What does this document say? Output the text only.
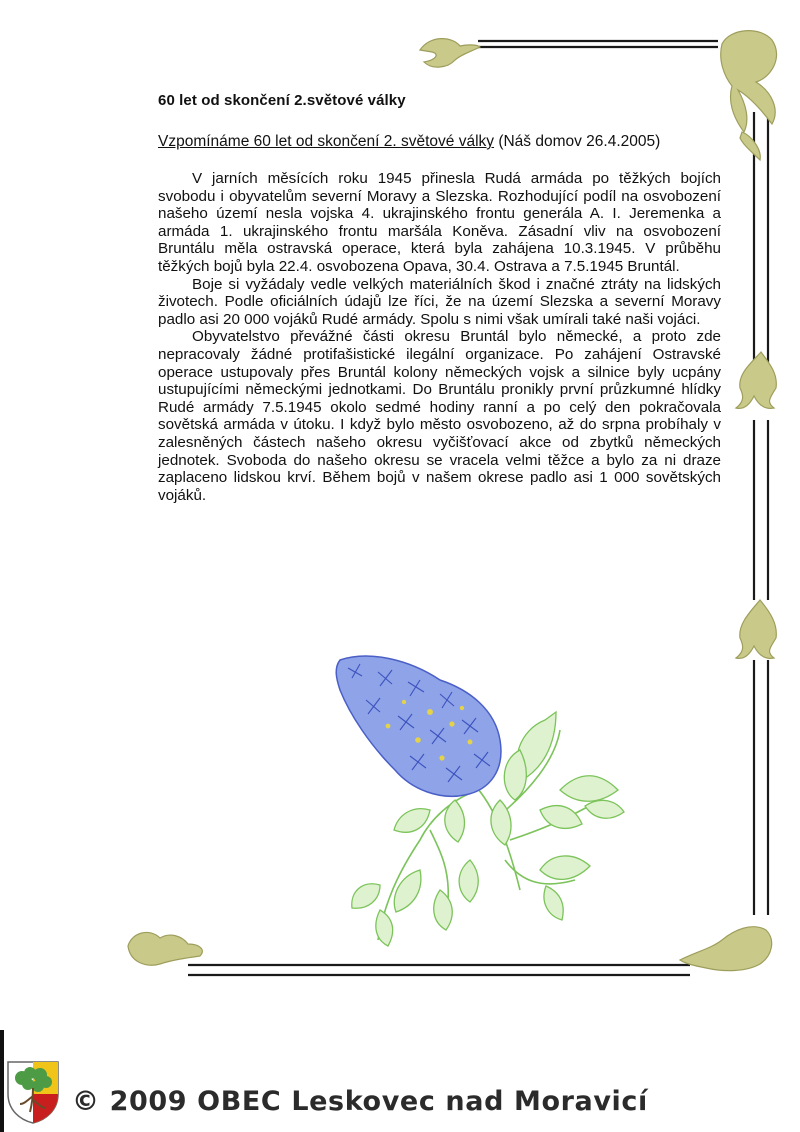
60 let od skončení 2.světové války
Vzpomínáme 60 let od skončení 2. světové války (Náš domov 26.4.2005)

V jarních měsících roku 1945 přinesla Rudá armáda po těžkých bojích svobodu i obyvatelům severní Moravy a Slezska. Rozhodující podíl na osvobození našeho území nesla vojska 4. ukrajinského frontu generála A. I. Jeremenka a armáda 1. ukrajinského frontu maršála Koněva. Zásadní vliv na osvobození Bruntálu měla ostravská operace, která byla zahájena 10.3.1945. V průběhu těžkých bojů byla 22.4. osvobozena Opava, 30.4. Ostrava a 7.5.1945 Bruntál.

Boje si vyžádaly vedle velkých materiálních škod i značné ztráty na lidských životech. Podle oficiálních údajů lze říci, že na území Slezska a severní Moravy padlo asi 20 000 vojáků Rudé armády. Spolu s nimi však umírali také naši vojáci.

Obyvatelstvo převážné části okresu Bruntál bylo německé, a proto zde nepracovaly žádné protifašistické ilegální organizace. Po zahájení Ostravské operace ustupovaly přes Bruntál kolony německých vojsk a silnice byly ucpány ustupujícími německými jednotkami. Do Bruntálu pronikly první průzkumné hlídky Rudé armády 7.5.1945 okolo sedmé hodiny ranní a po celý den pokračovala sovětská armáda v útoku. I když bylo město osvobozeno, až do srpna probíhaly v zalesněných částech našeho okresu vyčišťovací akce od zbytků německých jednotek. Svoboda do našeho okresu se vracela velmi těžce a bylo za ni draze zaplaceno lidskou krví. Během bojů v našem okrese padlo asi 1 000 sovětských vojáků.

© 2009 OBEC Leskovec nad Moravicí
